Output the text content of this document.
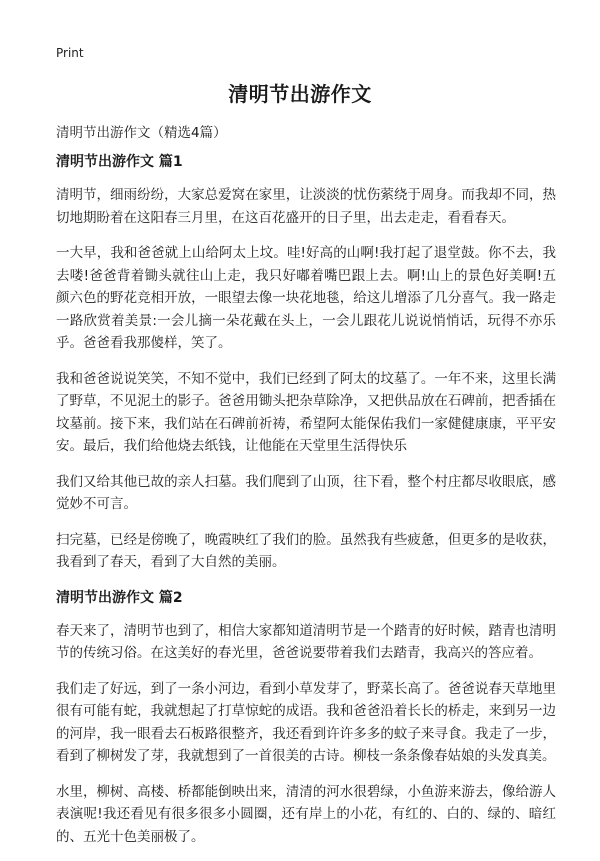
Print
清明节出游作文

清明节出游作文（精选4篇）

清明节出游作文 篇1

清明节，细雨纷纷，大家总爱窝在家里，让淡淡的忧伤萦绕于周身。而我却不同，热切地期盼着在这阳春三月里，在这百花盛开的日子里，出去走走，看看春天。

一大早，我和爸爸就上山给阿太上坟。哇!好高的山啊!我打起了退堂鼓。你不去，我去喽!爸爸背着锄头就往山上走，我只好嘟着嘴巴跟上去。啊!山上的景色好美啊!五颜六色的野花竞相开放，一眼望去像一块花地毯，给这儿增添了几分喜气。我一路走一路欣赏着美景:一会儿摘一朵花戴在头上，一会儿跟花儿说说悄悄话，玩得不亦乐乎。爸爸看我那傻样，笑了。

我和爸爸说说笑笑，不知不觉中，我们已经到了阿太的坟墓了。一年不来，这里长满了野草，不见泥土的影子。爸爸用锄头把杂草除净，又把供品放在石碑前，把香插在坟墓前。接下来，我们站在石碑前祈祷，希望阿太能保佑我们一家健健康康，平平安安。最后，我们给他烧去纸钱，让他能在天堂里生活得快乐

我们又给其他已故的亲人扫墓。我们爬到了山顶，往下看，整个村庄都尽收眼底，感觉妙不可言。

扫完墓，已经是傍晚了，晚霞映红了我们的脸。虽然我有些疲惫，但更多的是收获，我看到了春天，看到了大自然的美丽。

清明节出游作文 篇2

春天来了，清明节也到了，相信大家都知道清明节是一个踏青的好时候，踏青也清明节的传统习俗。在这美好的春光里，爸爸说要带着我们去踏青，我高兴的答应着。

我们走了好远，到了一条小河边，看到小草发芽了，野菜长高了。爸爸说春天草地里很有可能有蛇，我就想起了打草惊蛇的成语。我和爸爸沿着长长的桥走，来到另一边的河岸，我一眼看去石板路很整齐，我还看到许许多多的蚊子来寻食。我走了一步，看到了柳树发了芽，我就想到了一首很美的古诗。柳枝一条条像春姑娘的头发真美。

水里，柳树、高楼、桥都能倒映出来，清清的河水很碧绿，小鱼游来游去，像给游人表演呢!我还看见有很多很多小圆圈，还有岸上的小花，有红的、白的、绿的、暗红的、五光十色美丽极了。
